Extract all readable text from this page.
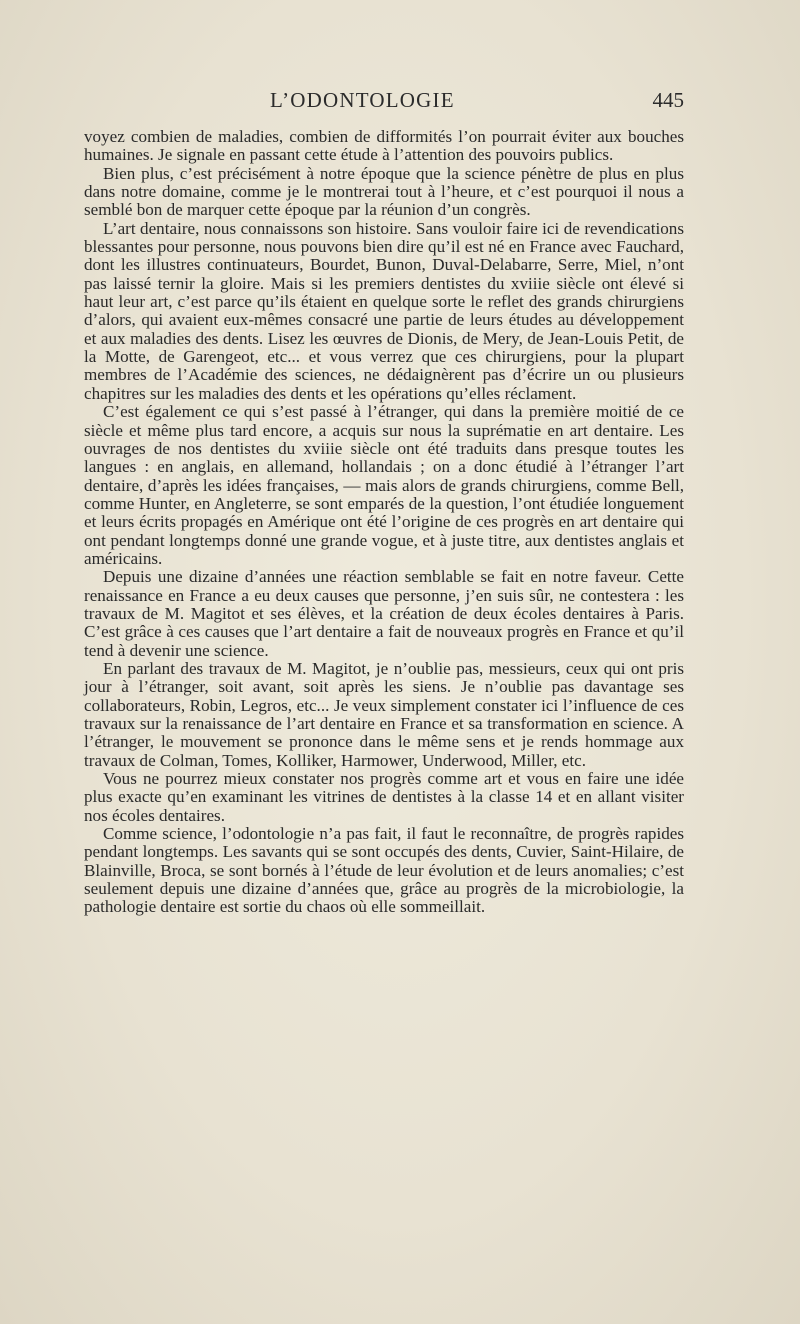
L’ODONTOLOGIE	445

voyez combien de maladies, combien de difformités l’on pourrait éviter aux bouches humaines. Je signale en passant cette étude à l’attention des pouvoirs publics.

Bien plus, c’est précisément à notre époque que la science pénètre de plus en plus dans notre domaine, comme je le montrerai tout à l’heure, et c’est pourquoi il nous a semblé bon de marquer cette époque par la réunion d’un congrès.

L’art dentaire, nous connaissons son histoire. Sans vouloir faire ici de revendications blessantes pour personne, nous pouvons bien dire qu’il est né en France avec Fauchard, dont les illustres continuateurs, Bourdet, Bunon, Duval-Delabarre, Serre, Miel, n’ont pas laissé ternir la gloire. Mais si les premiers dentistes du xviiie siècle ont élevé si haut leur art, c’est parce qu’ils étaient en quelque sorte le reflet des grands chirurgiens d’alors, qui avaient eux-mêmes consacré une partie de leurs études au développement et aux maladies des dents. Lisez les œuvres de Dionis, de Mery, de Jean-Louis Petit, de la Motte, de Garengeot, etc... et vous verrez que ces chirurgiens, pour la plupart membres de l’Académie des sciences, ne dédaignèrent pas d’écrire un ou plusieurs chapitres sur les maladies des dents et les opérations qu’elles réclament.

C’est également ce qui s’est passé à l’étranger, qui dans la première moitié de ce siècle et même plus tard encore, a acquis sur nous la suprématie en art dentaire. Les ouvrages de nos dentistes du xviiie siècle ont été traduits dans presque toutes les langues : en anglais, en allemand, hollandais ; on a donc étudié à l’étranger l’art dentaire, d’après les idées françaises, — mais alors de grands chirurgiens, comme Bell, comme Hunter, en Angleterre, se sont emparés de la question, l’ont étudiée longuement et leurs écrits propagés en Amérique ont été l’origine de ces progrès en art dentaire qui ont pendant longtemps donné une grande vogue, et à juste titre, aux dentistes anglais et américains.

Depuis une dizaine d’années une réaction semblable se fait en notre faveur. Cette renaissance en France a eu deux causes que personne, j’en suis sûr, ne contestera : les travaux de M. Magitot et ses élèves, et la création de deux écoles dentaires à Paris. C’est grâce à ces causes que l’art dentaire a fait de nouveaux progrès en France et qu’il tend à devenir une science.

En parlant des travaux de M. Magitot, je n’oublie pas, messieurs, ceux qui ont pris jour à l’étranger, soit avant, soit après les siens. Je n’oublie pas davantage ses collaborateurs, Robin, Legros, etc... Je veux simplement constater ici l’influence de ces travaux sur la renaissance de l’art dentaire en France et sa transformation en science. A l’étranger, le mouvement se prononce dans le même sens et je rends hommage aux travaux de Colman, Tomes, Kolliker, Harmower, Underwood, Miller, etc.

Vous ne pourrez mieux constater nos progrès comme art et vous en faire une idée plus exacte qu’en examinant les vitrines de dentistes à la classe 14 et en allant visiter nos écoles dentaires.

Comme science, l’odontologie n’a pas fait, il faut le reconnaître, de progrès rapides pendant longtemps. Les savants qui se sont occupés des dents, Cuvier, Saint-Hilaire, de Blainville, Broca, se sont bornés à l’étude de leur évolution et de leurs anomalies; c’est seulement depuis une dizaine d’années que, grâce au progrès de la microbiologie, la pathologie dentaire est sortie du chaos où elle sommeillait.
